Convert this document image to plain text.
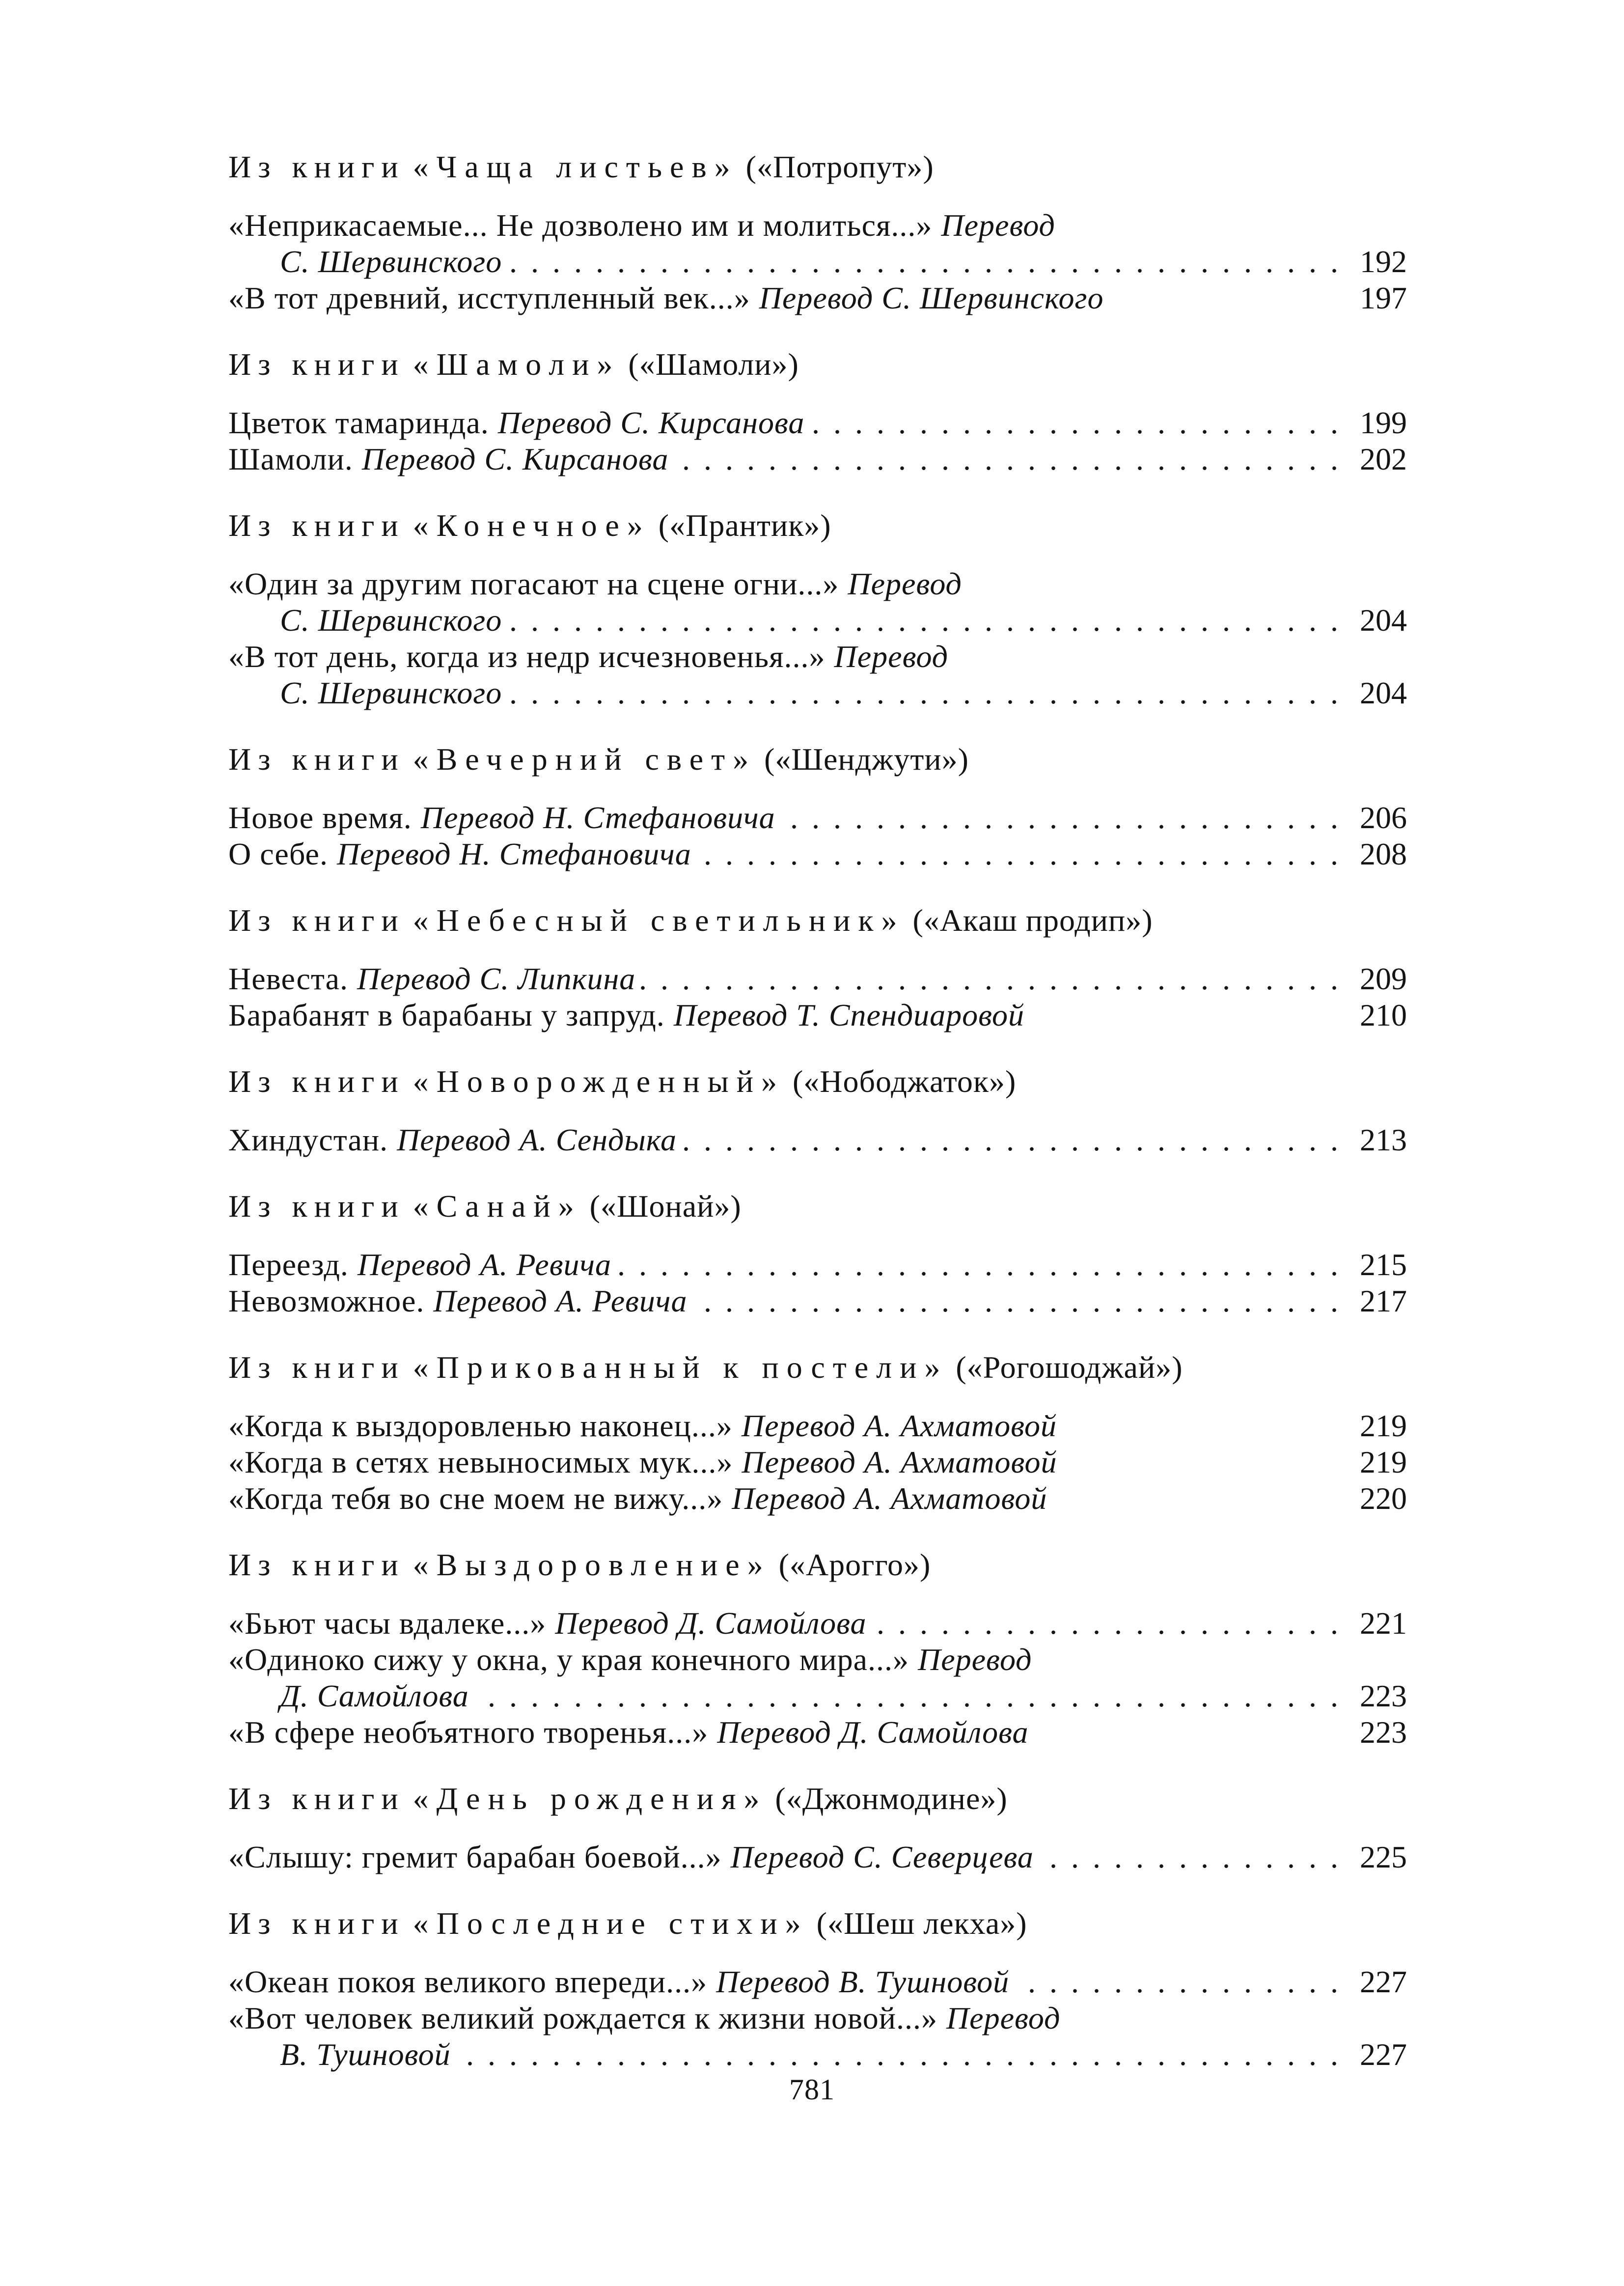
Из книги «Чаща листьев» («Потропут»)
«Неприкасаемые... Не дозволено им и молиться...» Перевод
С. Шервинского . . .	192
«В тот древний, исступленный век...» Перевод С. Шервинского	197
Из книги «Шамоли» («Шамоли»)
Цветок тамаринда. Перевод С. Кирсанова . . .	199
Шамоли. Перевод С. Кирсанова . . .	202
Из книги «Конечное» («Прантик»)
«Один за другим погасают на сцене огни...» Перевод
С. Шервинского . . .	204
«В тот день, когда из недр исчезновенья...» Перевод
С. Шервинского . . .	204
Из книги «Вечерний свет» («Шенджути»)
Новое время. Перевод Н. Стефановича . . .	206
О себе. Перевод Н. Стефановича . . .	208
Из книги «Небесный светильник» («Акаш продип»)
Невеста. Перевод С. Липкина . . .	209
Барабанят в барабаны у запруд. Перевод Т. Спендиаровой	210
Из книги «Новорожденный» («Нободжаток»)
Хиндустан. Перевод А. Сендыка . . .	213
Из книги «Санай» («Шонай»)
Переезд. Перевод А. Ревича . . .	215
Невозможное. Перевод А. Ревича . . .	217
Из книги «Прикованный к постели» («Рогошоджай»)
«Когда к выздоровленью наконец...» Перевод А. Ахматовой	219
«Когда в сетях невыносимых мук...» Перевод А. Ахматовой	219
«Когда тебя во сне моем не вижу...» Перевод А. Ахматовой	220
Из книги «Выздоровление» («Арогго»)
«Бьют часы вдалеке...» Перевод Д. Самойлова . . .	221
«Одиноко сижу у окна, у края конечного мира...» Перевод
Д. Самойлова . . .	223
«В сфере необъятного творенья...» Перевод Д. Самойлова	223
Из книги «День рождения» («Джонмодине»)
«Слышу: гремит барабан боевой...» Перевод С. Северцева . . .	225
Из книги «Последние стихи» («Шеш лекха»)
«Океан покоя великого впереди...» Перевод В. Тушновой . . .	227
«Вот человек великий рождается к жизни новой...» Перевод
В. Тушновой . . .	227
781
